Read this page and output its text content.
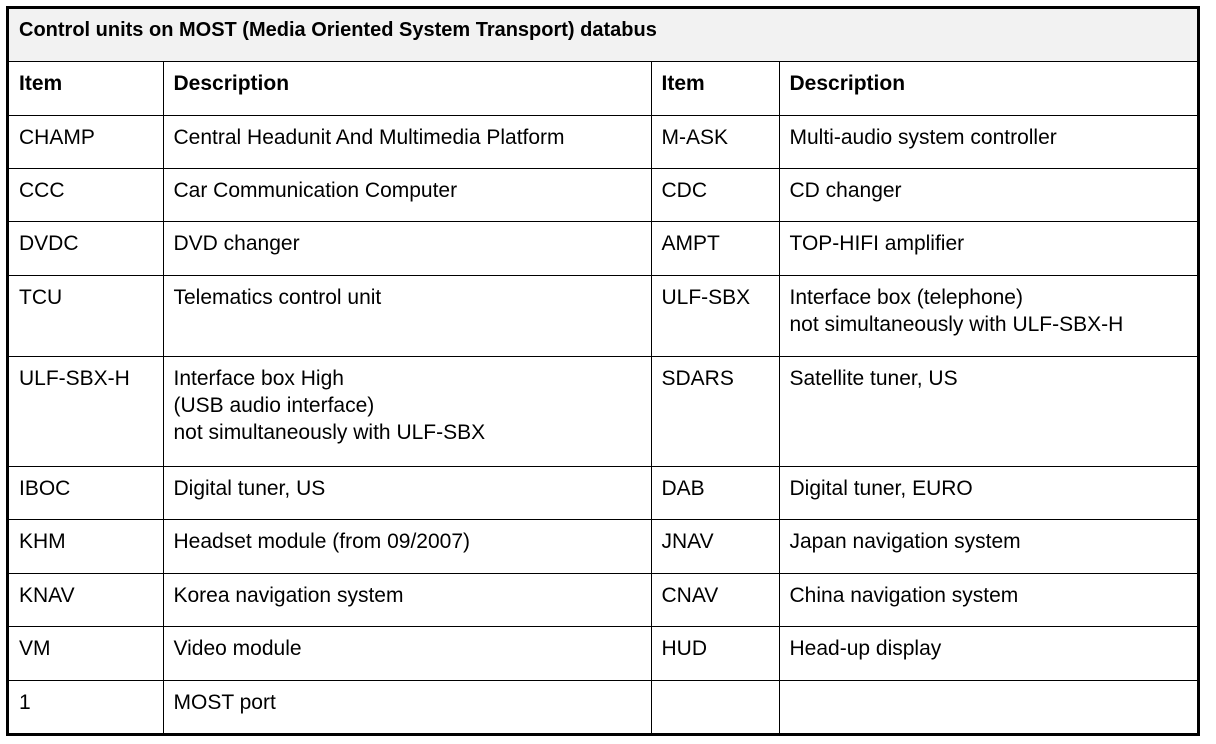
Control units on MOST (Media Oriented System Transport) databus			
Item	Description	Item	Description
CHAMP	Central Headunit And Multimedia Platform	M-ASK	Multi-audio system controller

CCC	Car Communication Computer	CDC	CD changer

DVDC	DVD changer	AMPT	TOP-HIFI amplifier

TCU	Telematics control unit	ULF-SBX	Interface box (telephone)
not simultaneously with ULF-SBX-H

ULF-SBX-H	Interface box High
(USB audio interface)
not simultaneously with ULF-SBX	SDARS	Satellite tuner, US

IBOC	Digital tuner, US	DAB	Digital tuner, EURO

KHM	Headset module (from 09/2007)	JNAV	Japan navigation system

KNAV	Korea navigation system	CNAV	China navigation system

VM	Video module	HUD	Head-up display

1	MOST port		
